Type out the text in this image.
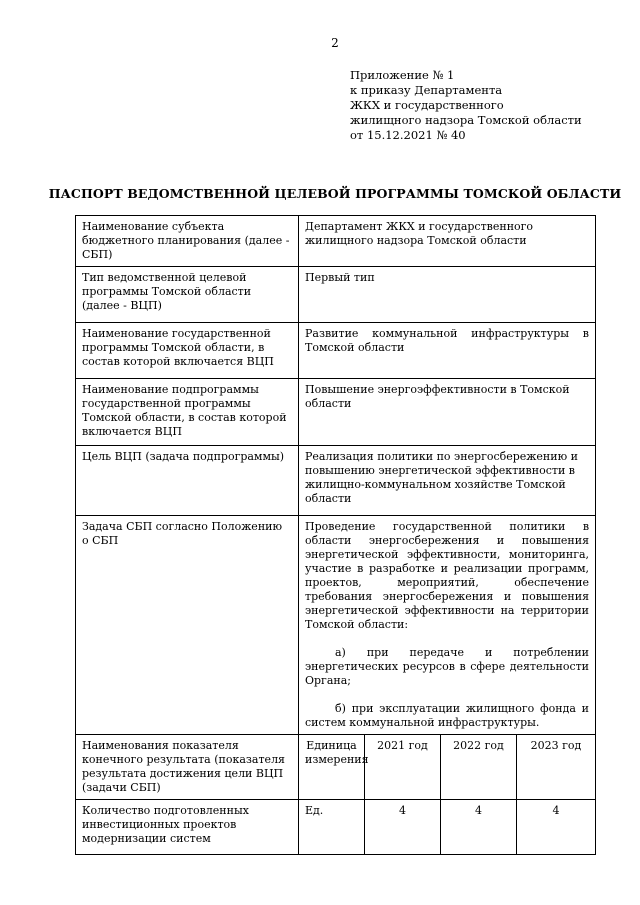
2
Приложение № 1
к приказу Департамента
ЖКХ и государственного
жилищного надзора Томской области
от 15.12.2021 № 40
ПАСПОРТ ВЕДОМСТВЕННОЙ ЦЕЛЕВОЙ ПРОГРАММЫ ТОМСКОЙ ОБЛАСТИ
Наименование субъекта бюджетного планирования (далее - СБП)	Департамент ЖКХ и государственного жилищного надзора Томской области			
Тип ведомственной целевой программы Томской области (далее - ВЦП)	Первый тип			
Наименование государственной программы Томской области, в состав которой включается ВЦП	Развитие коммунальной инфраструктуры в Томской области			
Наименование подпрограммы государственной программы Томской области, в состав которой включается ВЦП	Повышение энергоэффективности в Томской области			
Цель ВЦП (задача подпрограммы)	Реализация политики по энергосбережению и повышению энергетической эффективности в жилищно-коммунальном хозяйстве Томской области			
Задача СБП согласно Положению о СБП	Проведение государственной политики в области энергосбережения и повышения энергетической эффективности, мониторинга, участие в разработке и реализации программ, проектов, мероприятий, обеспечение требования энергосбережения и повышения энергетической эффективности на территории Томской области:
а) при передаче и потреблении энергетических ресурсов в сфере деятельности Органа;
б) при эксплуатации жилищного фонда и систем коммунальной инфраструктуры.			

Наименования показателя конечного результата (показателя результата достижения цели ВЦП (задачи СБП)	Единица измерения	2021 год	2022 год	2023 год
Количество подготовленных инвестиционных проектов модернизации систем	Ед.	4	4	4
